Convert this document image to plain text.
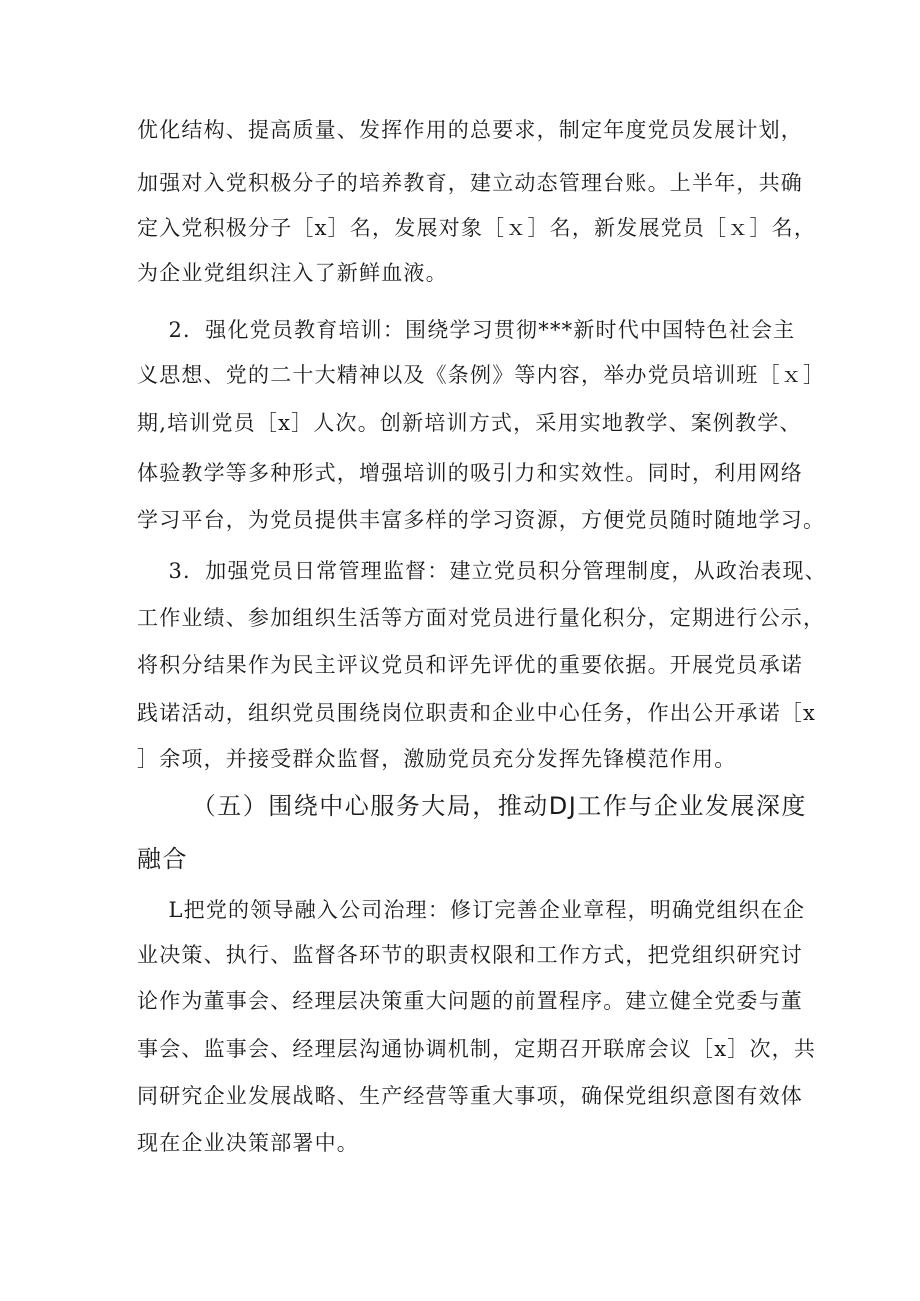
优化结构、提高质量、发挥作用的总要求，制定年度党员发展计划，
加强对入党积极分子的培养教育，建立动态管理台账。上半年，共确
定入党积极分子［x］名，发展对象［ｘ］名，新发展党员［ｘ］名，
为企业党组织注入了新鲜血液。
2．强化党员教育培训：围绕学习贯彻***新时代中国特色社会主
义思想、党的二十大精神以及《条例》等内容，举办党员培训班［ｘ］
期,培训党员［x］人次。创新培训方式，采用实地教学、案例教学、
体验教学等多种形式，增强培训的吸引力和实效性。同时，利用网络
学习平台，为党员提供丰富多样的学习资源，方便党员随时随地学习。
3．加强党员日常管理监督：建立党员积分管理制度，从政治表现、
工作业绩、参加组织生活等方面对党员进行量化积分，定期进行公示，
将积分结果作为民主评议党员和评先评优的重要依据。开展党员承诺
践诺活动，组织党员围绕岗位职责和企业中心任务，作出公开承诺［x
］余项，并接受群众监督，激励党员充分发挥先锋模范作用。
（五）围绕中心服务大局，推动DJ工作与企业发展深度
融合
L把党的领导融入公司治理：修订完善企业章程，明确党组织在企
业决策、执行、监督各环节的职责权限和工作方式，把党组织研究讨
论作为董事会、经理层决策重大问题的前置程序。建立健全党委与董
事会、监事会、经理层沟通协调机制，定期召开联席会议［x］次，共
同研究企业发展战略、生产经营等重大事项，确保党组织意图有效体
现在企业决策部署中。
